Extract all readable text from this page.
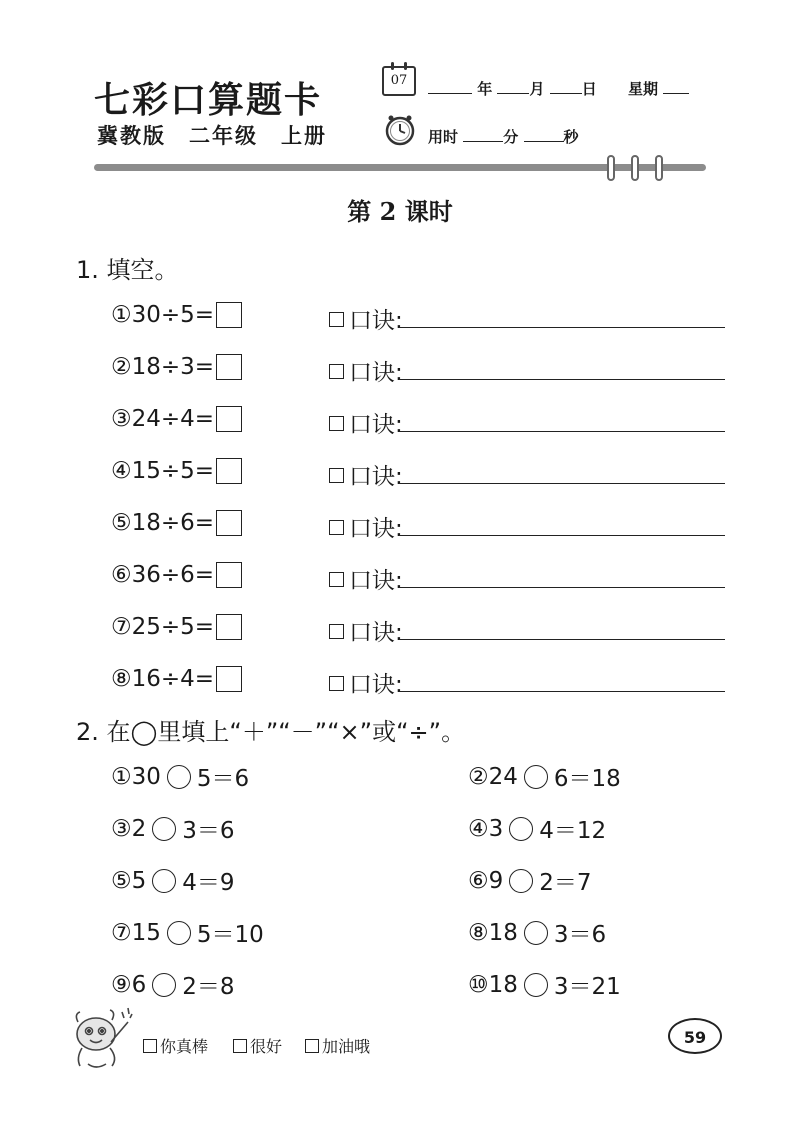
七彩口算题卡
冀教版　二年级　上册
07	年 月 日 星期
用时	分	秒
第 2 课时
1. 填空。
① 30÷5=	口诀:
② 18÷3=	口诀:
③ 24÷4=	口诀:
④ 15÷5=	口诀:
⑤ 18÷6=	口诀:
⑥ 36÷6=	口诀:
⑦ 25÷5=	口诀:
⑧ 16÷4=	口诀:
2. 在◯里填上“＋”“－”“×”或“÷”。
① 30 5＝6	② 24 6＝18
③ 2 3＝6	④ 3 4＝12
⑤ 5 4＝9	⑥ 9 2＝7
⑦ 15 5＝10	⑧ 18 3＝6
⑨ 6 2＝8	⑩ 18 3＝21
你真棒	很好	加油哦	59
